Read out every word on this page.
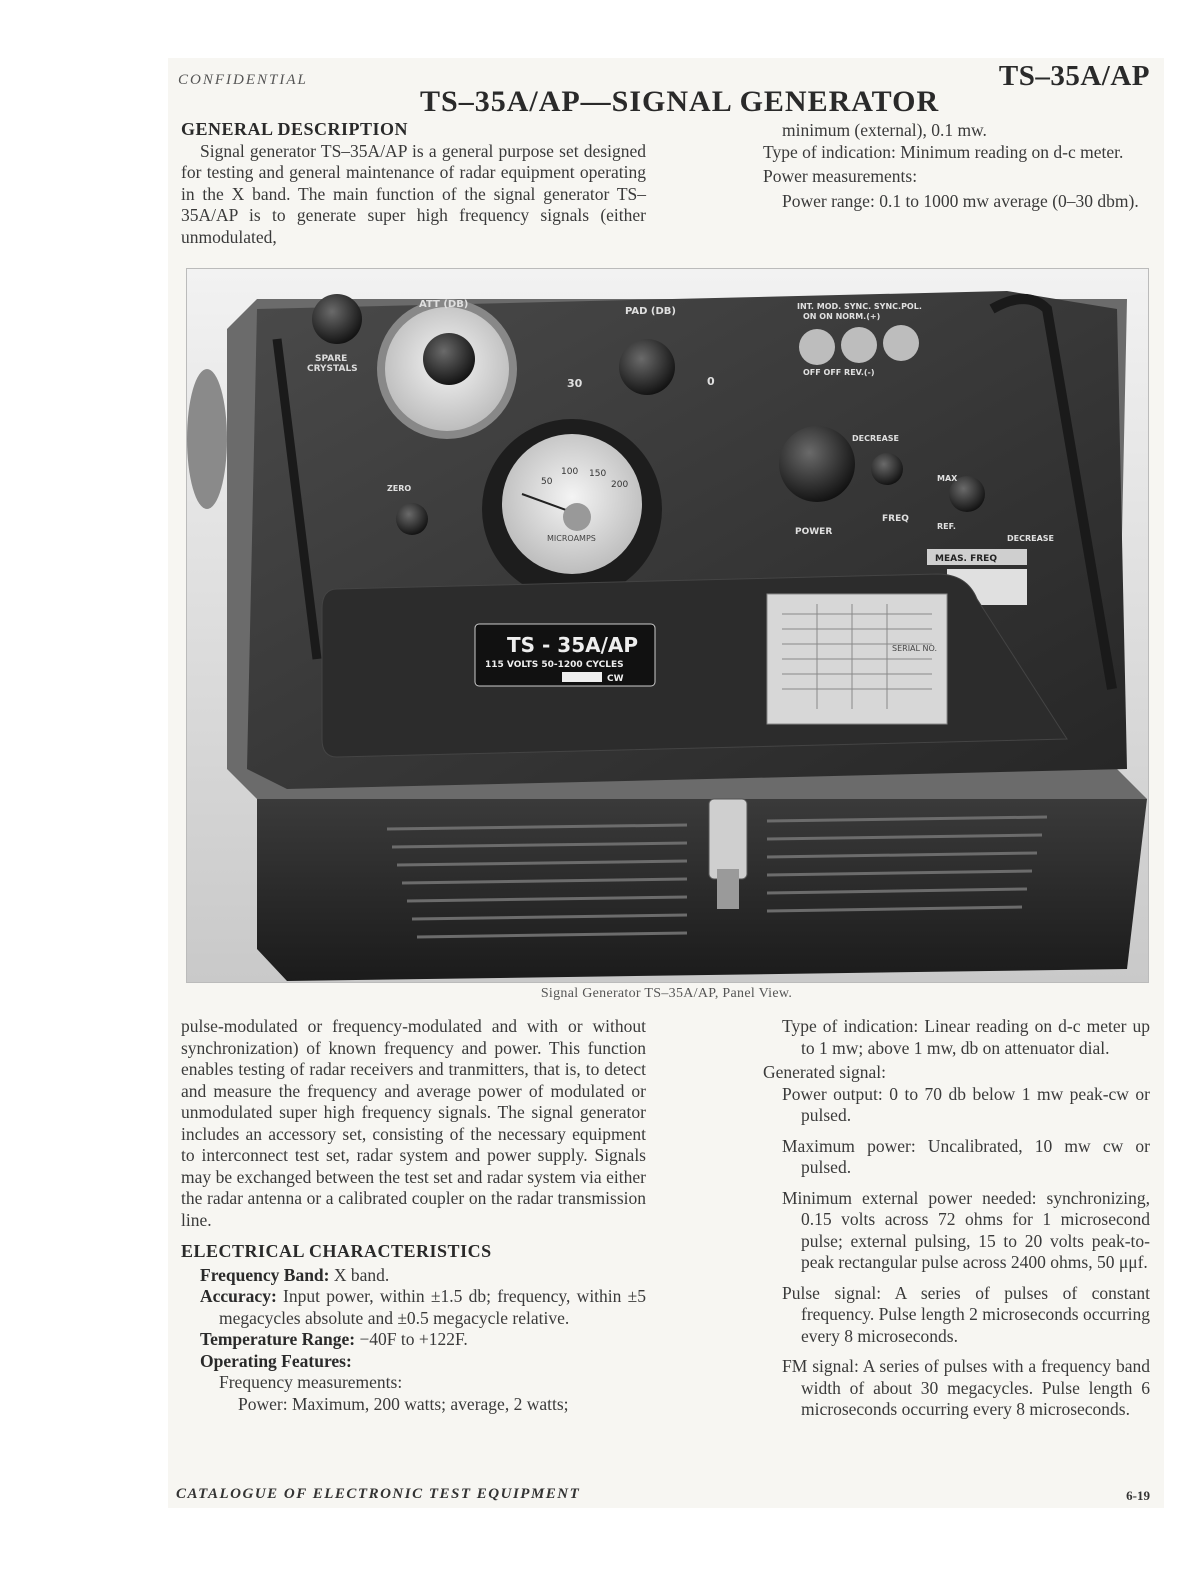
CONFIDENTIAL	TS–35A/AP
TS–35A/AP—SIGNAL GENERATOR
GENERAL DESCRIPTION

Signal generator TS–35A/AP is a general purpose set designed for testing and general maintenance of radar equipment operating in the X band. The main function of the signal generator TS–35A/AP is to generate super high frequency signals (either unmodulated,

minimum (external), 0.1 mw.

Type of indication: Minimum reading on d-c meter.

Power measurements:

Power range: 0.1 to 1000 mw average (0–30 dbm).

SPARE
CRYSTALS
ATT (DB)
PAD (DB)
30	0
INT. MOD. SYNC. SYNC.POL.
ON ON NORM.(+)
OFF OFF REV.(-)
50
100 150
200
MICROAMPS
ZERO
POWER
FREQ
DECREASE
MAX
REF.
MEAS. FREQ
DECREASE
TS - 35A/AP
115 VOLTS 50-1200 CYCLES
CW
SERIAL NO.
Signal Generator TS–35A/AP, Panel View.

pulse-modulated or frequency-modulated and with or without synchronization) of known frequency and power. This function enables testing of radar receivers and tranmitters, that is, to detect and measure the frequency and average power of modulated or unmodulated super high frequency signals. The signal generator includes an accessory set, consisting of the necessary equipment to interconnect test set, radar system and power supply. Signals may be exchanged between the test set and radar system via either the radar antenna or a calibrated coupler on the radar transmission line.

ELECTRICAL CHARACTERISTICS

Frequency Band: X band.

Accuracy: Input power, within ±1.5 db; frequency, within ±5 megacycles absolute and ±0.5 megacycle relative.

Temperature Range: −40F to +122F.

Operating Features:

Frequency measurements:

Power: Maximum, 200 watts; average, 2 watts;

Type of indication: Linear reading on d-c meter up to 1 mw; above 1 mw, db on attenuator dial.

Generated signal:

Power output: 0 to 70 db below 1 mw peak-cw or pulsed.

Maximum power: Uncalibrated, 10 mw cw or pulsed.

Minimum external power needed: synchronizing, 0.15 volts across 72 ohms for 1 microsecond pulse; external pulsing, 15 to 20 volts peak-to-peak rectangular pulse across 2400 ohms, 50 μμf.

Pulse signal: A series of pulses of constant frequency. Pulse length 2 microseconds occurring every 8 microseconds.

FM signal: A series of pulses with a frequency band width of about 30 megacycles. Pulse length 6 microseconds occurring every 8 microseconds.

CATALOGUE OF ELECTRONIC TEST EQUIPMENT	6-19
